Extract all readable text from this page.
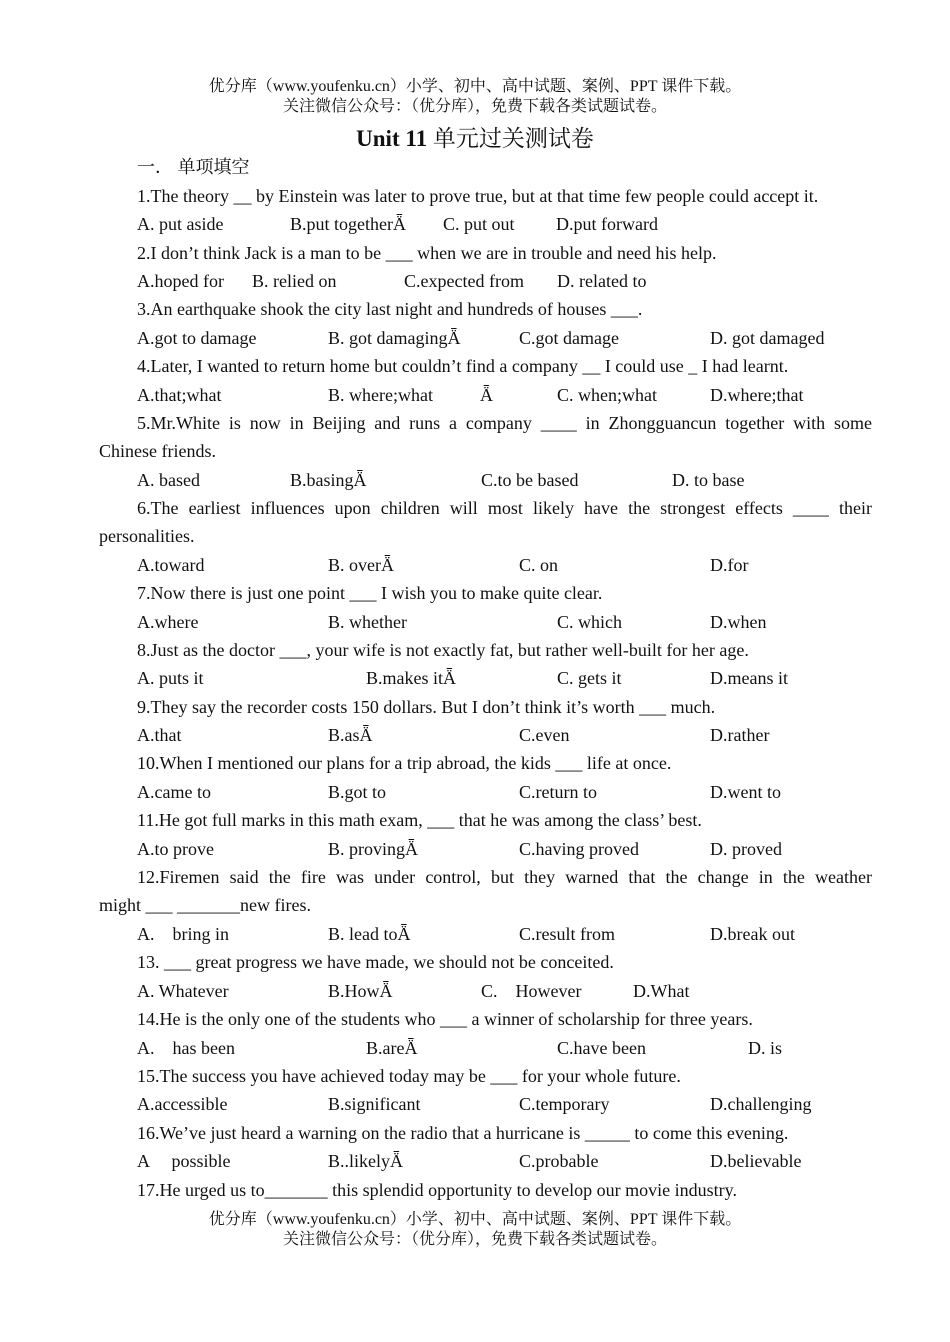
优分库（www.youfenku.cn）小学、初中、高中试题、案例、PPT 课件下载。
关注微信公众号：（优分库），免费下载各类试题试卷。
Unit 11 单元过关测试卷
一． 单项填空
1.The theory __ by Einstein was later to prove true, but at that time few people could accept it.
A. put aside	B.put togetherǞ C. put out D.put forward
2.I don’t think Jack is a man to be ___ when we are in trouble and need his help.
A.hoped for B. relied on	C.expected from D. related to
3.An earthquake shook the city last night and hundreds of houses ___.
A.got to damage	B. got damagingǞ	C.got damage	D. got damaged
4.Later, I wanted to return home but couldn’t find a company __ I could use _ I had learnt.
A.that;what	B. where;what	Ǟ	C. when;what	D.where;that
5.Mr.White is now in Beijing and runs a company ____ in Zhongguancun together with some
Chinese friends.
A. based	B.basingǞ	C.to be based	D. to base
6.The earliest influences upon children will most likely have the strongest effects ____ their
personalities.
A.toward	B. overǞ	C. on	D.for
7.Now there is just one point ___ I wish you to make quite clear.
A.where	B. whether	C. which	D.when
8.Just as the doctor ___, your wife is not exactly fat, but rather well-built for her age.
A. puts it	B.makes itǞ	C. gets it	D.means it
9.They say the recorder costs 150 dollars. But I don’t think it’s worth ___ much.
A.that	B.asǞ	C.even	D.rather
10.When I mentioned our plans for a trip abroad, the kids ___ life at once.
A.came to	B.got to	C.return to	D.went to
11.He got full marks in this math exam, ___ that he was among the class’ best.
A.to prove	B. provingǞ	C.having proved	D. proved
12.Firemen said the fire was under control, but they warned that the change in the weather
might ___ _______new fires.
A.    bring in	B. lead toǞ	C.result from	D.break out
13. ___ great progress we have made, we should not be conceited.
A. Whatever	B.HowǞ	C.    However	D.What
14.He is the only one of the students who ___ a winner of scholarship for three years.
A.    has been	B.areǞ	C.have been	D. is
15.The success you have achieved today may be ___ for your whole future.
A.accessible	B.significant	C.temporary	D.challenging
16.We’ve just heard a warning on the radio that a hurricane is _____ to come this evening.
A     possible	B..likelyǞ	C.probable	D.believable
17.He urged us to_______ this splendid opportunity to develop our movie industry.
优分库（www.youfenku.cn）小学、初中、高中试题、案例、PPT 课件下载。
关注微信公众号：（优分库），免费下载各类试题试卷。
